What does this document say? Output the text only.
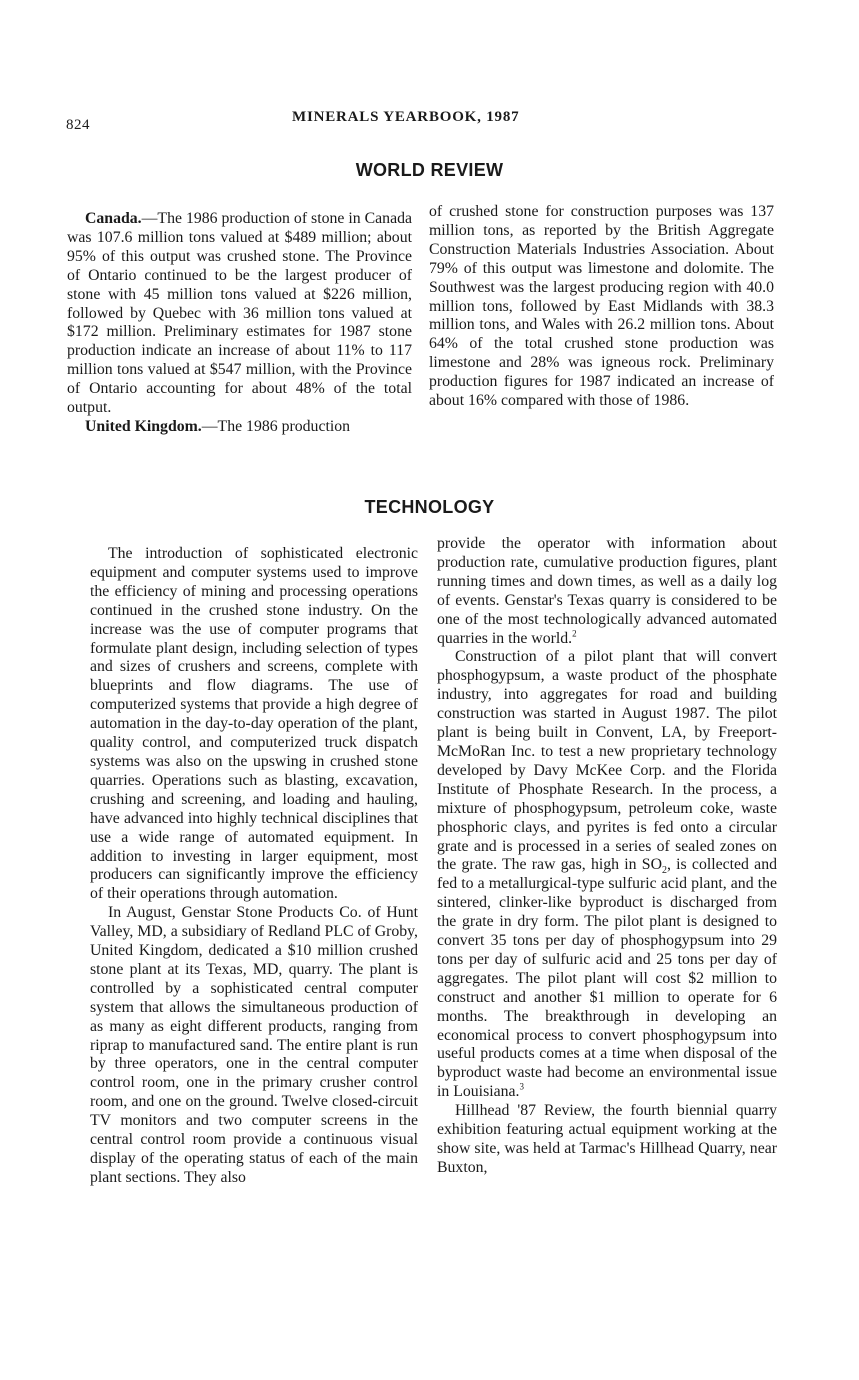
824	MINERALS YEARBOOK, 1987
WORLD REVIEW

Canada.—The 1986 production of stone in Canada was 107.6 million tons valued at $489 million; about 95% of this output was crushed stone. The Province of Ontario continued to be the largest producer of stone with 45 million tons valued at $226 million, followed by Quebec with 36 million tons valued at $172 million. Preliminary estimates for 1987 stone production indicate an increase of about 11% to 117 million tons valued at $547 million, with the Province of Ontario accounting for about 48% of the total output.

United Kingdom.—The 1986 production

of crushed stone for construction purposes was 137 million tons, as reported by the British Aggregate Construction Materials Industries Association. About 79% of this output was limestone and dolomite. The Southwest was the largest producing region with 40.0 million tons, followed by East Midlands with 38.3 million tons, and Wales with 26.2 million tons. About 64% of the total crushed stone production was limestone and 28% was igneous rock. Preliminary production figures for 1987 indicated an increase of about 16% compared with those of 1986.

TECHNOLOGY

The introduction of sophisticated electronic equipment and computer systems used to improve the efficiency of mining and processing operations continued in the crushed stone industry. On the increase was the use of computer programs that formulate plant design, including selection of types and sizes of crushers and screens, complete with blueprints and flow diagrams. The use of computerized systems that provide a high degree of automation in the day-to-day operation of the plant, quality control, and computerized truck dispatch systems was also on the upswing in crushed stone quarries. Operations such as blasting, excavation, crushing and screening, and loading and hauling, have advanced into highly technical disciplines that use a wide range of automated equipment. In addition to investing in larger equipment, most producers can significantly improve the efficiency of their operations through automation.

In August, Genstar Stone Products Co. of Hunt Valley, MD, a subsidiary of Redland PLC of Groby, United Kingdom, dedicated a $10 million crushed stone plant at its Texas, MD, quarry. The plant is controlled by a sophisticated central computer system that allows the simultaneous production of as many as eight different products, ranging from riprap to manufactured sand. The entire plant is run by three operators, one in the central computer control room, one in the primary crusher control room, and one on the ground. Twelve closed-circuit TV monitors and two computer screens in the central control room provide a continuous visual display of the operating status of each of the main plant sections. They also

provide the operator with information about production rate, cumulative production figures, plant running times and down times, as well as a daily log of events. Genstar's Texas quarry is considered to be one of the most technologically advanced automated quarries in the world.$^2$

Construction of a pilot plant that will convert phosphogypsum, a waste product of the phosphate industry, into aggregates for road and building construction was started in August 1987. The pilot plant is being built in Convent, LA, by Freeport-McMoRan Inc. to test a new proprietary technology developed by Davy McKee Corp. and the Florida Institute of Phosphate Research. In the process, a mixture of phosphogypsum, petroleum coke, waste phosphoric clays, and pyrites is fed onto a circular grate and is processed in a series of sealed zones on the grate. The raw gas, high in $SO_2$, is collected and fed to a metallurgical-type sulfuric acid plant, and the sintered, clinker-like byproduct is discharged from the grate in dry form. The pilot plant is designed to convert 35 tons per day of phosphogypsum into 29 tons per day of sulfuric acid and 25 tons per day of aggregates. The pilot plant will cost $2 million to construct and another $1 million to operate for 6 months. The breakthrough in developing an economical process to convert phosphogypsum into useful products comes at a time when disposal of the byproduct waste had become an environmental issue in Louisiana.$^3$

Hillhead '87 Review, the fourth biennial quarry exhibition featuring actual equipment working at the show site, was held at Tarmac's Hillhead Quarry, near Buxton,
